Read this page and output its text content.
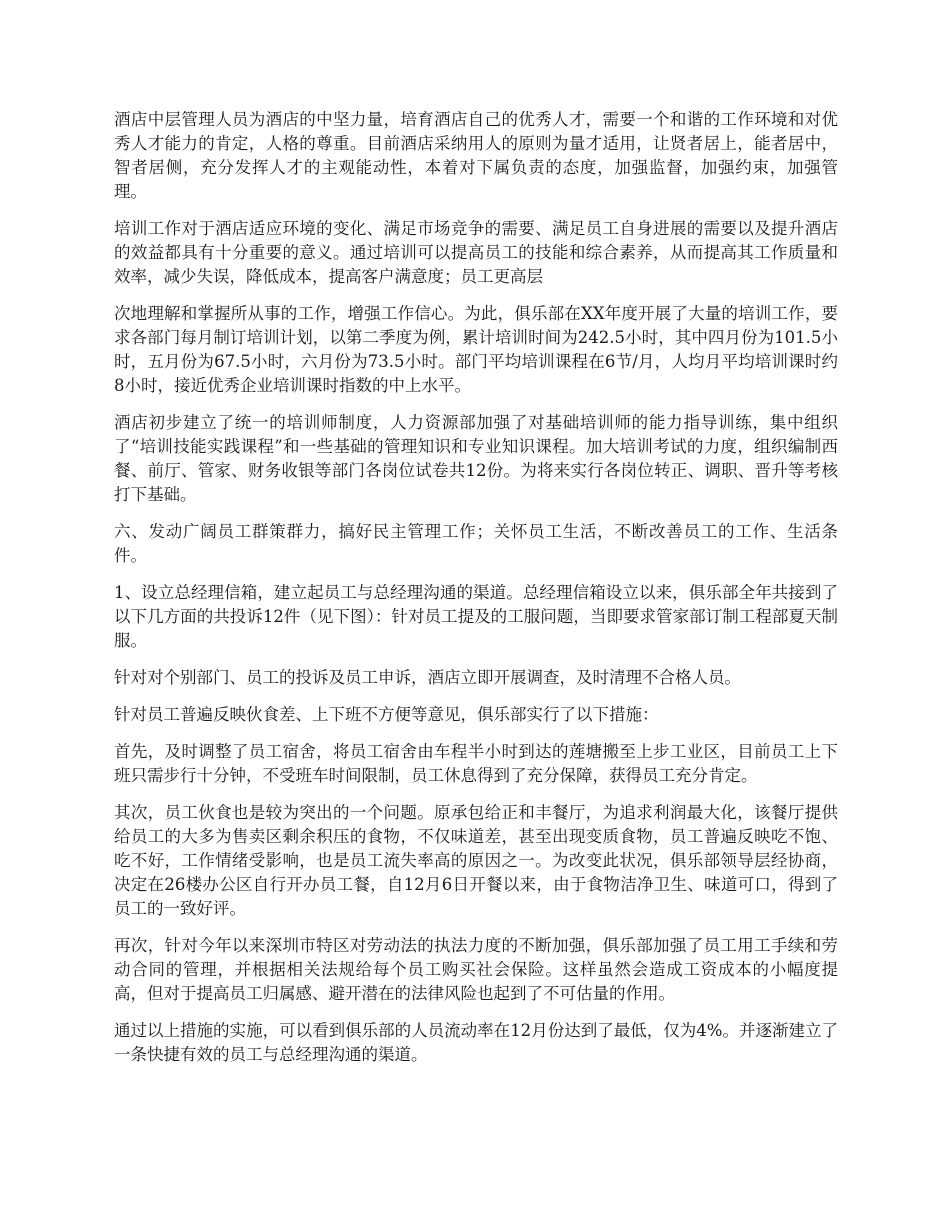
酒店中层管理人员为酒店的中坚力量，培育酒店自己的优秀人才，需要一个和谐的工作环境和对优秀人才能力的肯定，人格的尊重。目前酒店采纳用人的原则为量才适用，让贤者居上，能者居中，智者居侧，充分发挥人才的主观能动性，本着对下属负责的态度，加强监督，加强约束，加强管理。

培训工作对于酒店适应环境的变化、满足市场竞争的需要、满足员工自身进展的需要以及提升酒店的效益都具有十分重要的意义。通过培训可以提高员工的技能和综合素养，从而提高其工作质量和效率，减少失误，降低成本，提高客户满意度；员工更高层

次地理解和掌握所从事的工作，增强工作信心。为此，俱乐部在XX年度开展了大量的培训工作，要求各部门每月制订培训计划，以第二季度为例，累计培训时间为242.5小时，其中四月份为101.5小时，五月份为67.5小时，六月份为73.5小时。部门平均培训课程在6节/月，人均月平均培训课时约8小时，接近优秀企业培训课时指数的中上水平。

酒店初步建立了统一的培训师制度，人力资源部加强了对基础培训师的能力指导训练，集中组织了“培训技能实践课程”和一些基础的管理知识和专业知识课程。加大培训考试的力度，组织编制西餐、前厅、管家、财务收银等部门各岗位试卷共12份。为将来实行各岗位转正、调职、晋升等考核打下基础。

六、发动广阔员工群策群力，搞好民主管理工作；关怀员工生活，不断改善员工的工作、生活条件。

1、设立总经理信箱，建立起员工与总经理沟通的渠道。总经理信箱设立以来，俱乐部全年共接到了以下几方面的共投诉12件（见下图）：针对员工提及的工服问题，当即要求管家部订制工程部夏天制服。

针对对个别部门、员工的投诉及员工申诉，酒店立即开展调查，及时清理不合格人员。

针对员工普遍反映伙食差、上下班不方便等意见，俱乐部实行了以下措施：

首先，及时调整了员工宿舍，将员工宿舍由车程半小时到达的莲塘搬至上步工业区，目前员工上下班只需步行十分钟，不受班车时间限制，员工休息得到了充分保障，获得员工充分肯定。

其次，员工伙食也是较为突出的一个问题。原承包给正和丰餐厅，为追求利润最大化，该餐厅提供给员工的大多为售卖区剩余积压的食物，不仅味道差，甚至出现变质食物，员工普遍反映吃不饱、吃不好，工作情绪受影响，也是员工流失率高的原因之一。为改变此状况，俱乐部领导层经协商，决定在26楼办公区自行开办员工餐，自12月6日开餐以来，由于食物洁净卫生、味道可口，得到了员工的一致好评。

再次，针对今年以来深圳市特区对劳动法的执法力度的不断加强，俱乐部加强了员工用工手续和劳动合同的管理，并根据相关法规给每个员工购买社会保险。这样虽然会造成工资成本的小幅度提高，但对于提高员工归属感、避开潜在的法律风险也起到了不可估量的作用。

通过以上措施的实施，可以看到俱乐部的人员流动率在12月份达到了最低，仅为4%。并逐渐建立了一条快捷有效的员工与总经理沟通的渠道。
